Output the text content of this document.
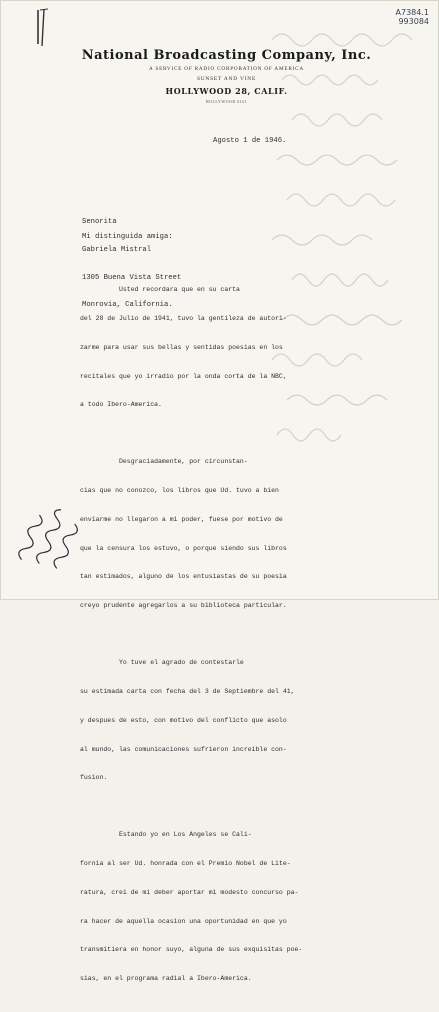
A7384.1
993084
National Broadcasting Company, Inc.
A SERVICE OF RADIO CORPORATION OF AMERICA
SUNSET AND VINE
HOLLYWOOD 28, CALIF.
HOLLYWOOD 6161
Agosto 1 de 1946.

Senorita

Gabriela Mistral

1305 Buena Vista Street

Monrovia, California.

Mi distinguida amiga:

Usted recordara que en su carta

del 28 de Julio de 1941, tuvo la gentileza de autori-

zarme para usar sus bellas y sentidas poesias en los

recitales que yo irradio por la onda corta de la NBC,

a todo Ibero-America.

Desgraciadamente, por circunstan-

cias que no conozco, los libros que Ud. tuvo a bien

enviarme no llegaron a mi poder, fuese por motivo de

que la censura los estuvo, o porque siendo sus libros

tan estimados, alguno de los entusiastas de su poesia

creyo prudente agregarlos a su biblioteca particular.

Yo tuve el agrado de contestarle

su estimada carta con fecha del 3 de Septiembre del 41,

y despues de esto, con motivo del conflicto que asolo

al mundo, las comunicaciones sufrieron increible con-

fusion.

Estando yo en Los Angeles se Cali-

fornia al ser Ud. honrada con el Premio Nobel de Lite-

ratura, crei de mi deber aportar mi modesto concurso pa-

ra hacer de aquella ocasion una oportunidad en que yo

transmitiera en honor suyo, alguna de sus exquisitas poe-

sias, en el programa radial a Ibero-America.
